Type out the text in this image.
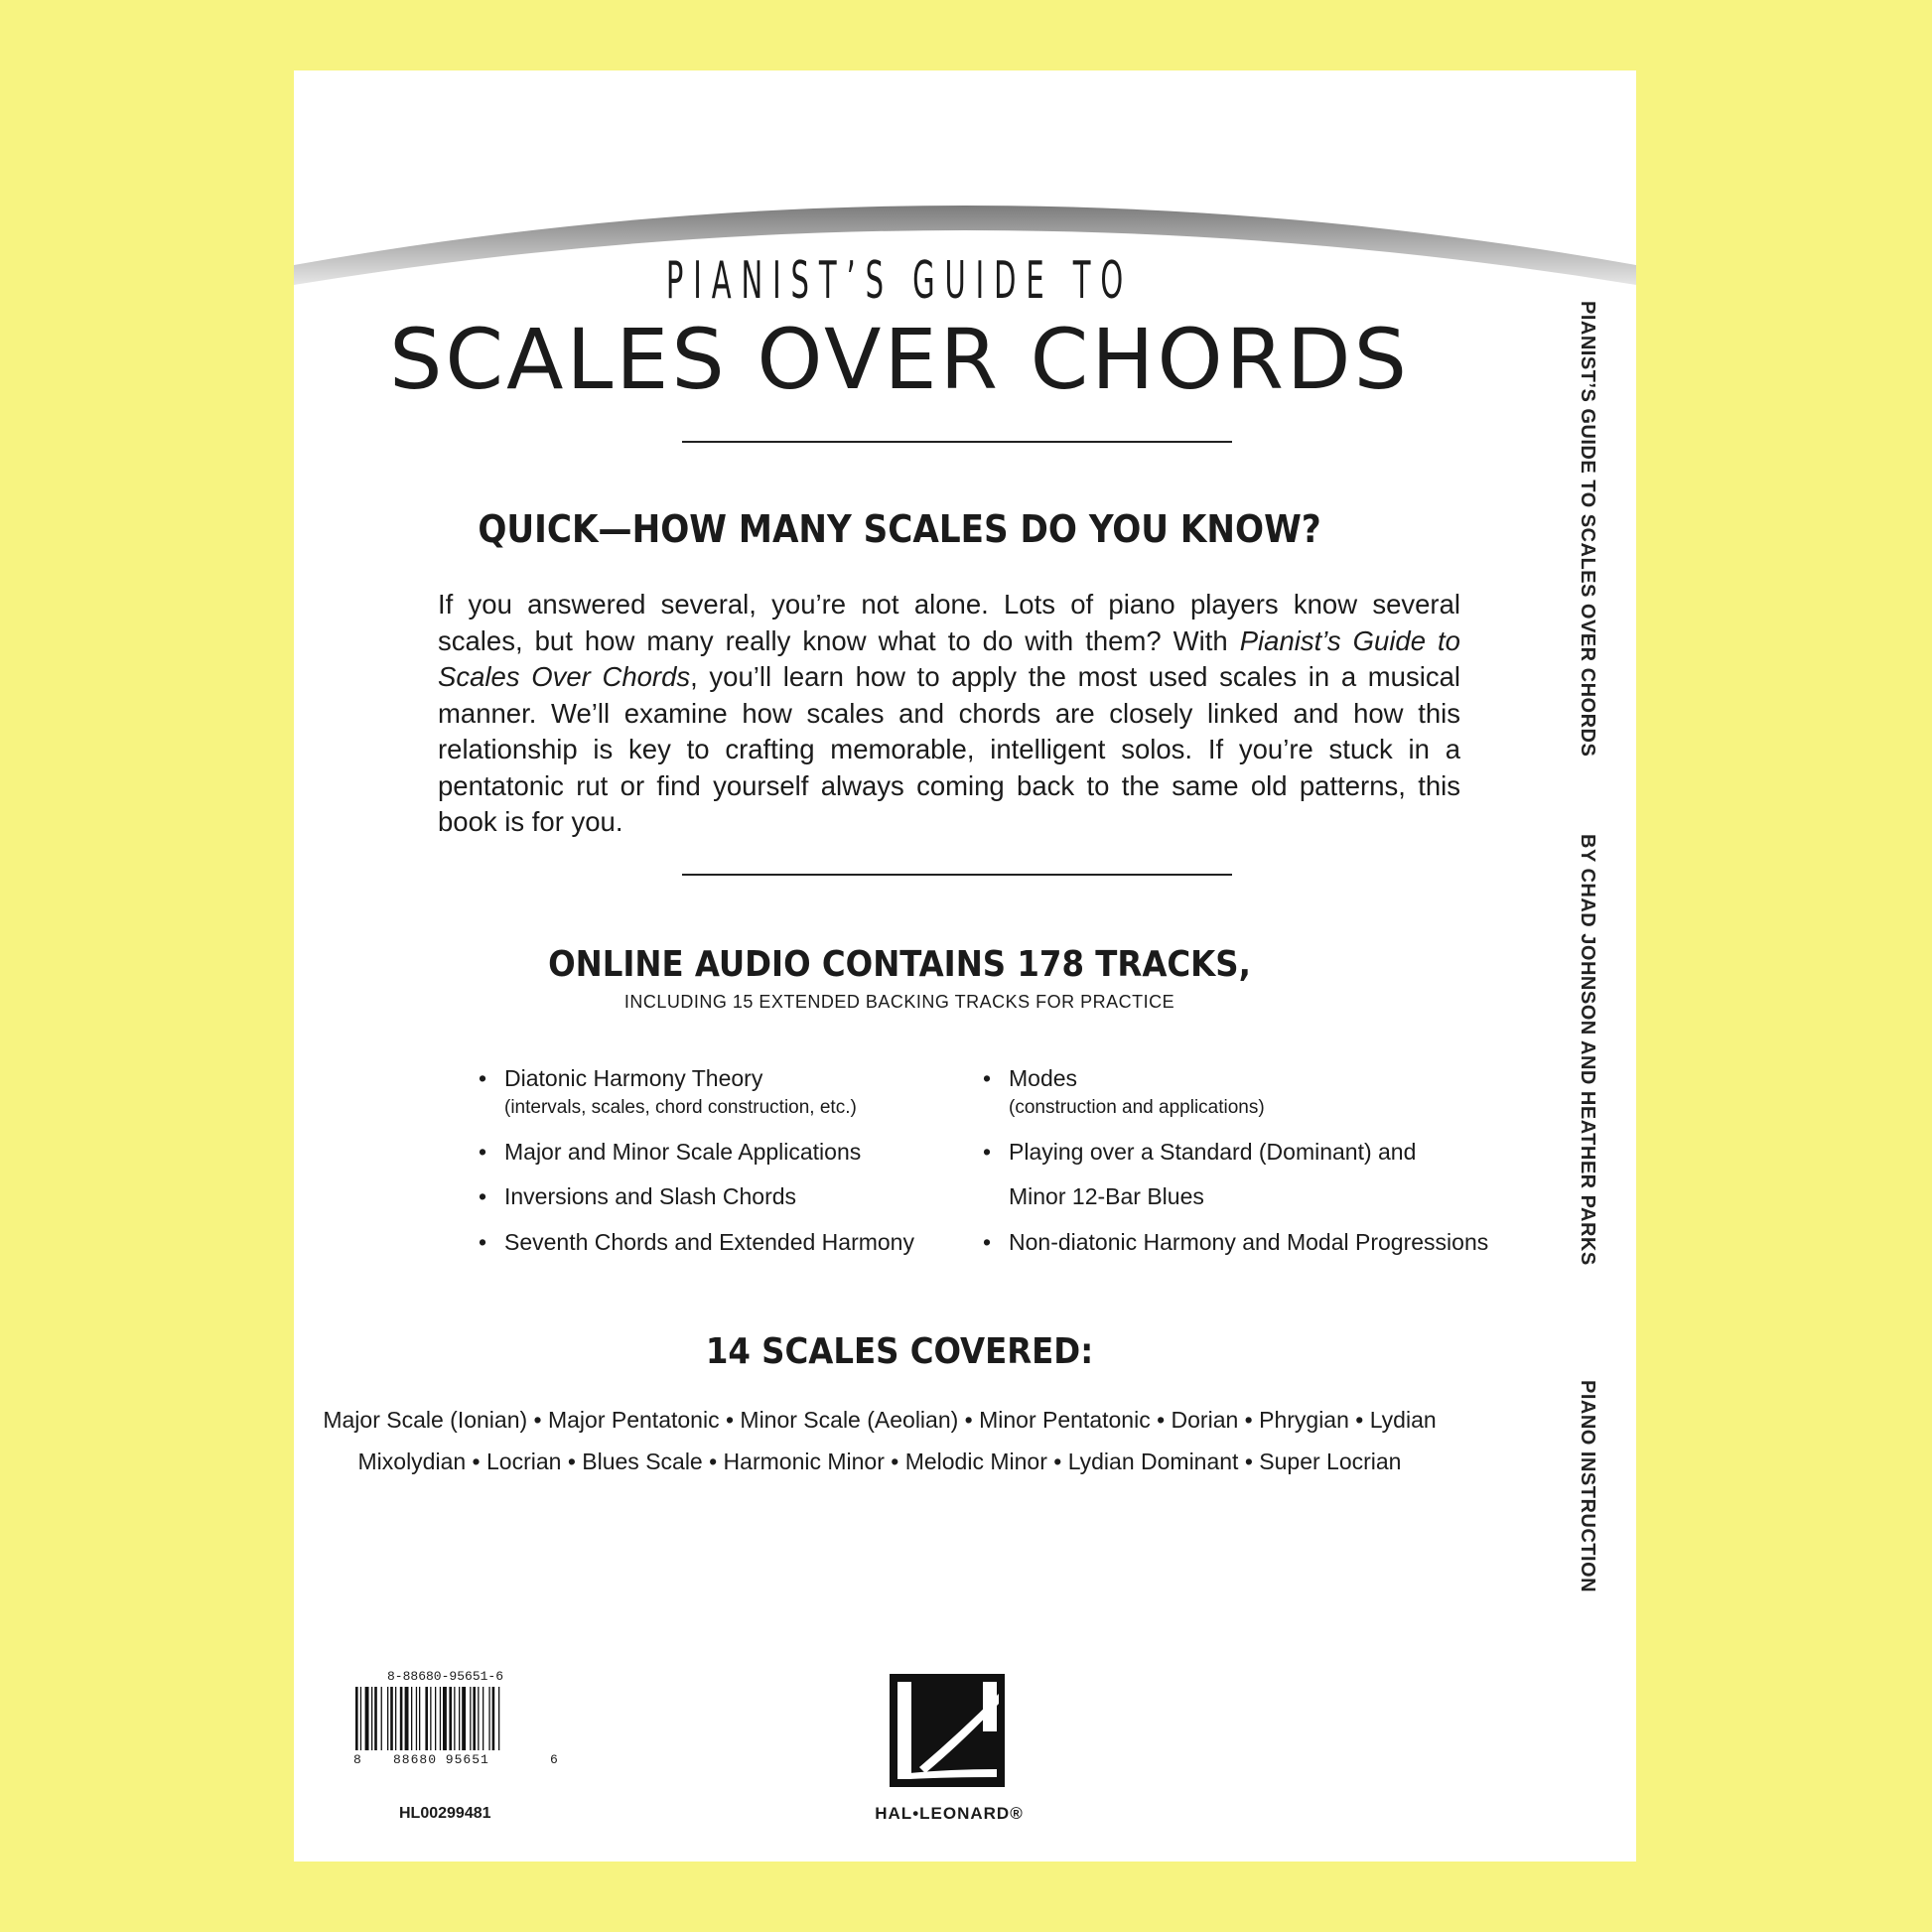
PIANIST’S GUIDE TO
SCALES OVER CHORDS
QUICK—HOW MANY SCALES DO YOU KNOW?
If you answered several, you’re not alone. Lots of piano players know several scales, but how many really know what to do with them? With Pianist’s Guide to Scales Over Chords, you’ll learn how to apply the most used scales in a musical manner. We’ll examine how scales and chords are closely linked and how this relationship is key to crafting memorable, intelligent solos. If you’re stuck in a pentatonic rut or find yourself always coming back to the same old patterns, this book is for you.
ONLINE AUDIO CONTAINS 178 TRACKS,
INCLUDING 15 EXTENDED BACKING TRACKS FOR PRACTICE
• Diatonic Harmony Theory
(intervals, scales, chord construction, etc.)
• Major and Minor Scale Applications
• Inversions and Slash Chords
• Seventh Chords and Extended Harmony
• Modes
(construction and applications)
• Playing over a Standard (Dominant) and
Minor 12-Bar Blues
• Non-diatonic Harmony and Modal Progressions
14 SCALES COVERED:
Major Scale (Ionian) • Major Pentatonic • Minor Scale (Aeolian) • Minor Pentatonic • Dorian • Phrygian • Lydian
Mixolydian • Locrian • Blues Scale • Harmonic Minor • Melodic Minor • Lydian Dominant • Super Locrian
8-88680-95651-6
8 88680 95651	6
HL00299481	HAL•LEONARD®
PIANIST’S GUIDE TO SCALES OVER CHORDS
BY CHAD JOHNSON AND HEATHER PARKS
PIANO INSTRUCTION
